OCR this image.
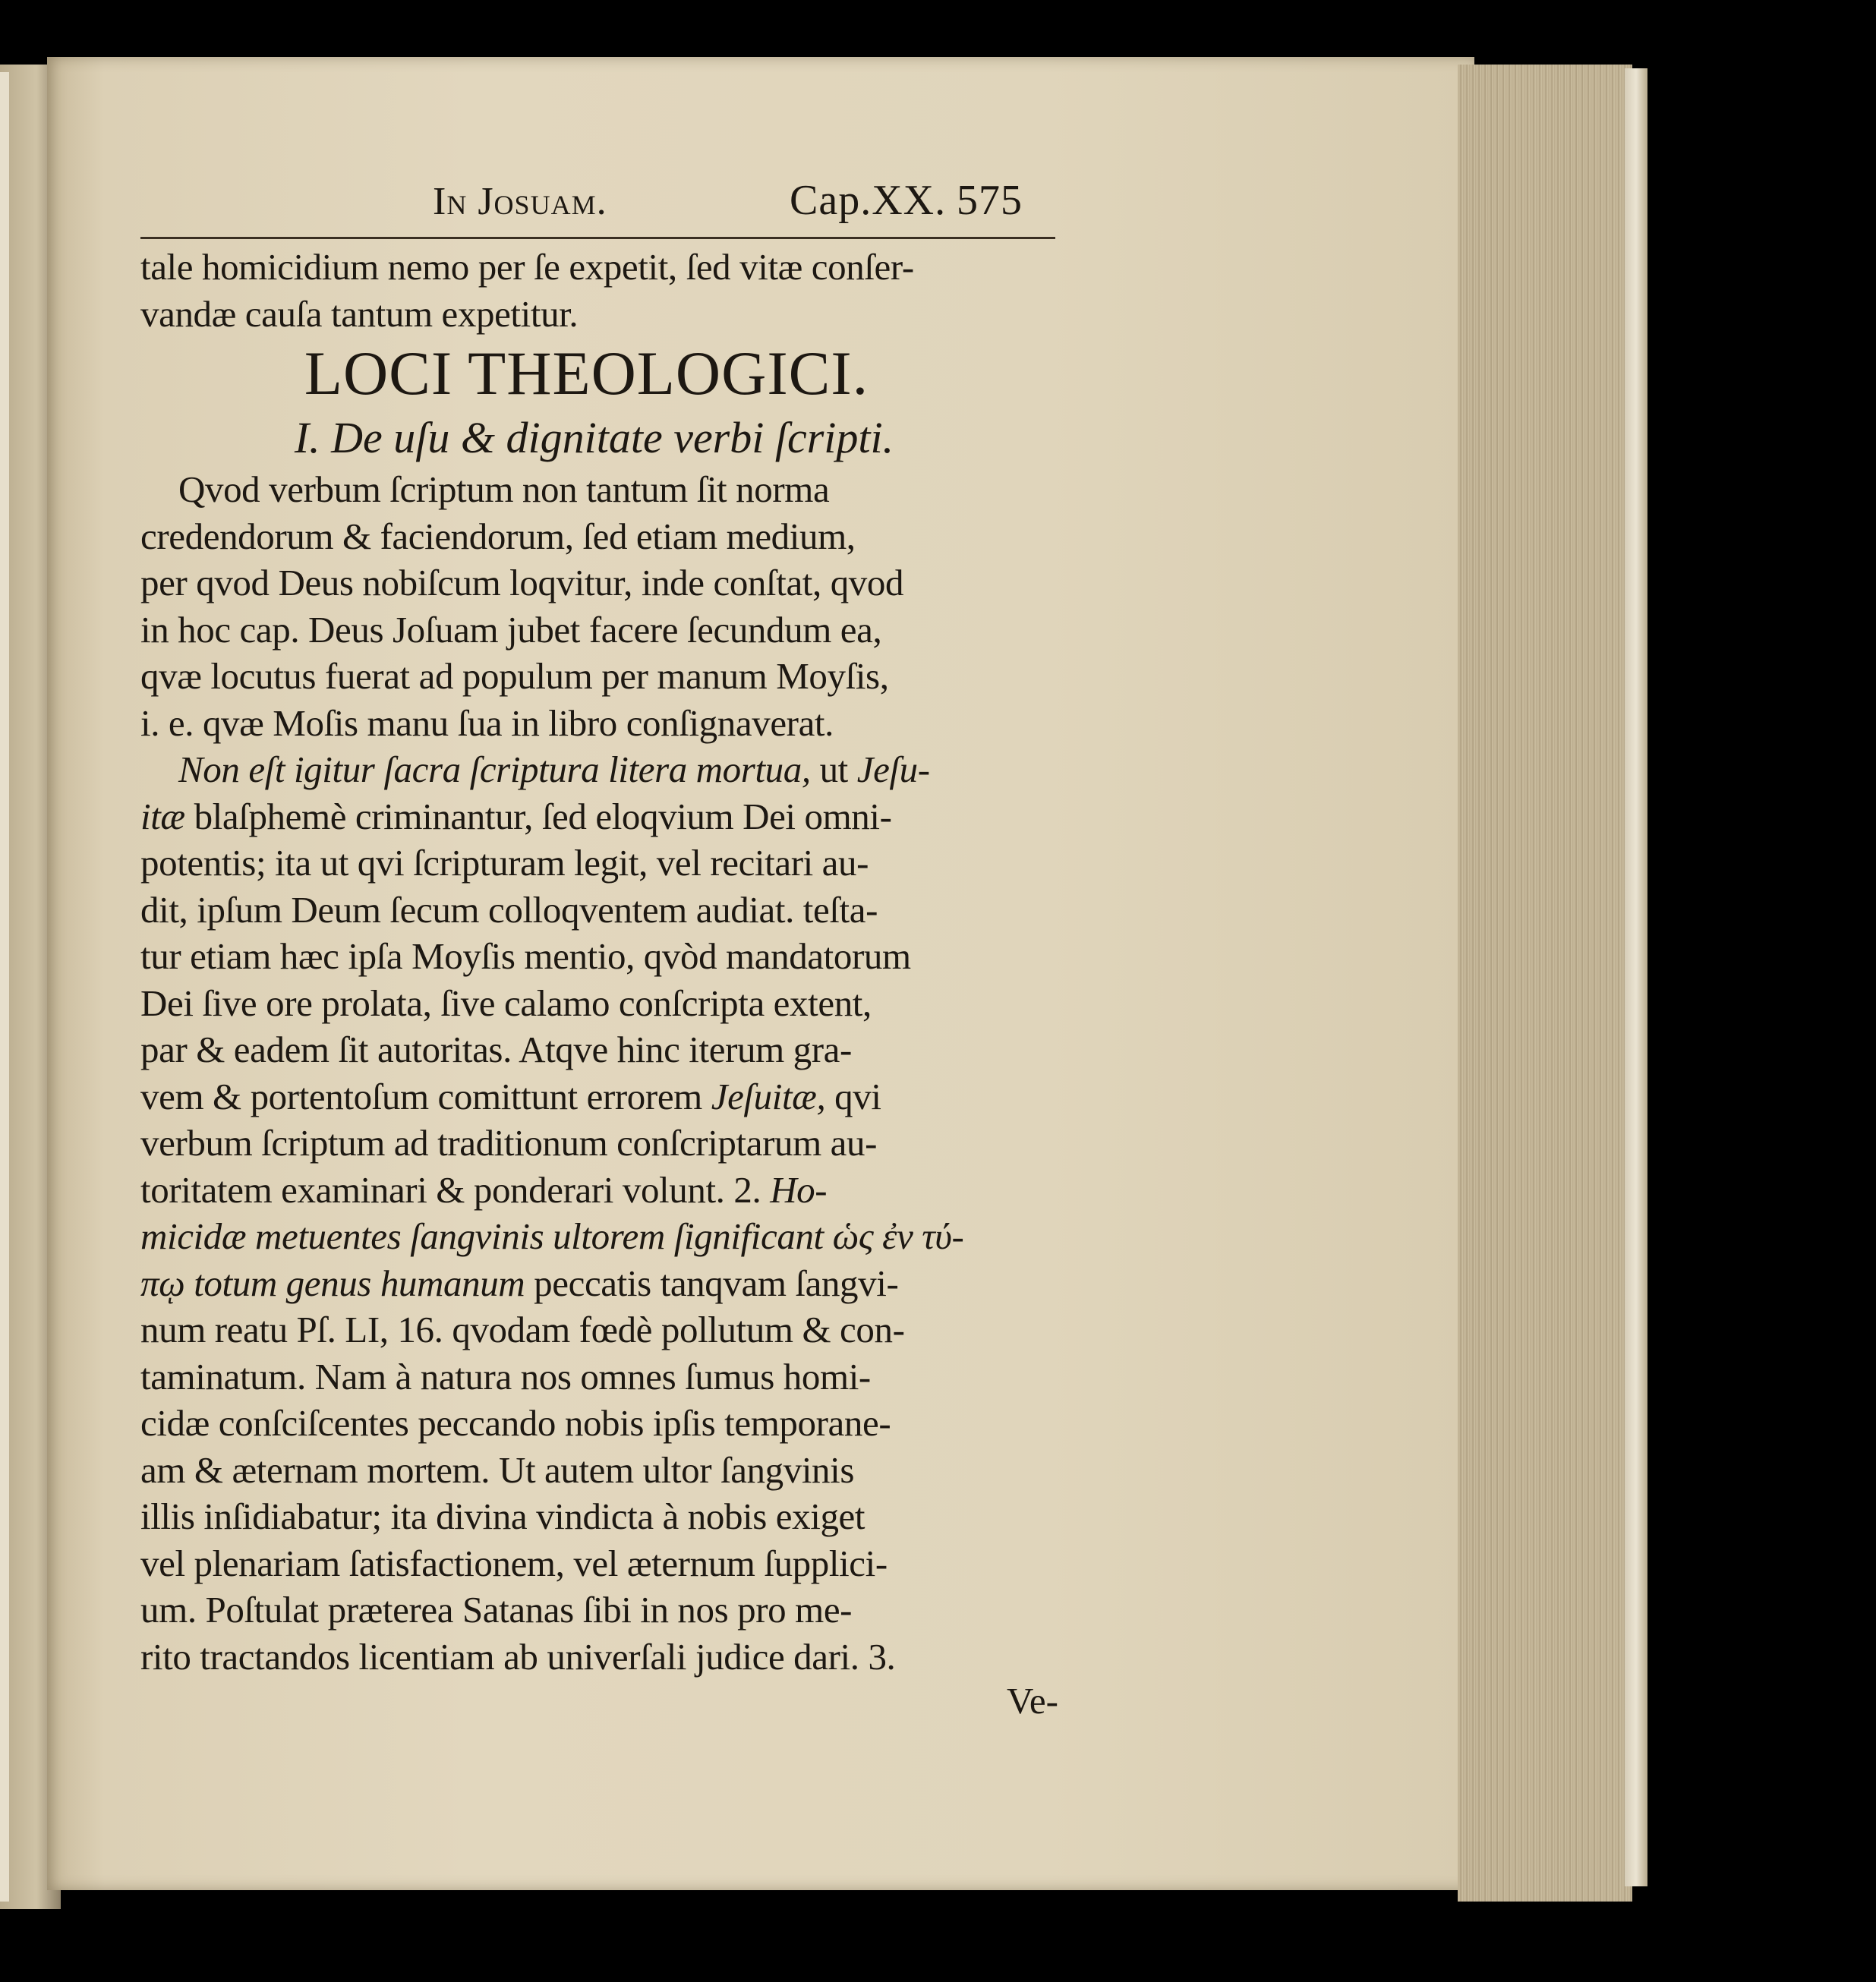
In Josuam.	Cap.XX. 575
tale homicidium nemo per ſe expetit, ſed vitæ conſer-
vandæ cauſa tantum expetitur.
LOCI THEOLOGICI.
I. De uſu & dignitate verbi ſcripti.
Qvod verbum ſcriptum non tantum ſit norma
credendorum & faciendorum, ſed etiam medium,
per qvod Deus nobiſcum loqvitur, inde conſtat, qvod
in hoc cap. Deus Joſuam jubet facere ſecundum ea,
qvæ locutus fuerat ad populum per manum Moyſis,
i. e. qvæ Moſis manu ſua in libro conſignaverat.
Non eſt igitur ſacra ſcriptura litera mortua, ut Jeſu-
itæ blaſphemè criminantur, ſed eloqvium Dei omni-
potentis; ita ut qvi ſcripturam legit, vel recitari au-
dit, ipſum Deum ſecum colloqventem audiat. teſta-
tur etiam hæc ipſa Moyſis mentio, qvòd mandatorum
Dei ſive ore prolata, ſive calamo conſcripta extent,
par & eadem ſit autoritas. Atqve hinc iterum gra-
vem & portentoſum comittunt errorem Jeſuitæ, qvi
verbum ſcriptum ad traditionum conſcriptarum au-
toritatem examinari & ponderari volunt. 2. Ho-
micidæ metuentes ſangvinis ultorem ſignificant ὡς ἐν τύ-
πῳ totum genus humanum peccatis tanqvam ſangvi-
num reatu Pſ. LI, 16. qvodam fœdè pollutum & con-
taminatum. Nam à natura nos omnes ſumus homi-
cidæ conſciſcentes peccando nobis ipſis temporane-
am & æternam mortem. Ut autem ultor ſangvinis
illis inſidiabatur; ita divina vindicta à nobis exiget
vel plenariam ſatisfactionem, vel æternum ſupplici-
um. Poſtulat præterea Satanas ſibi in nos pro me-
rito tractandos licentiam ab univerſali judice dari. 3.
Ve-
